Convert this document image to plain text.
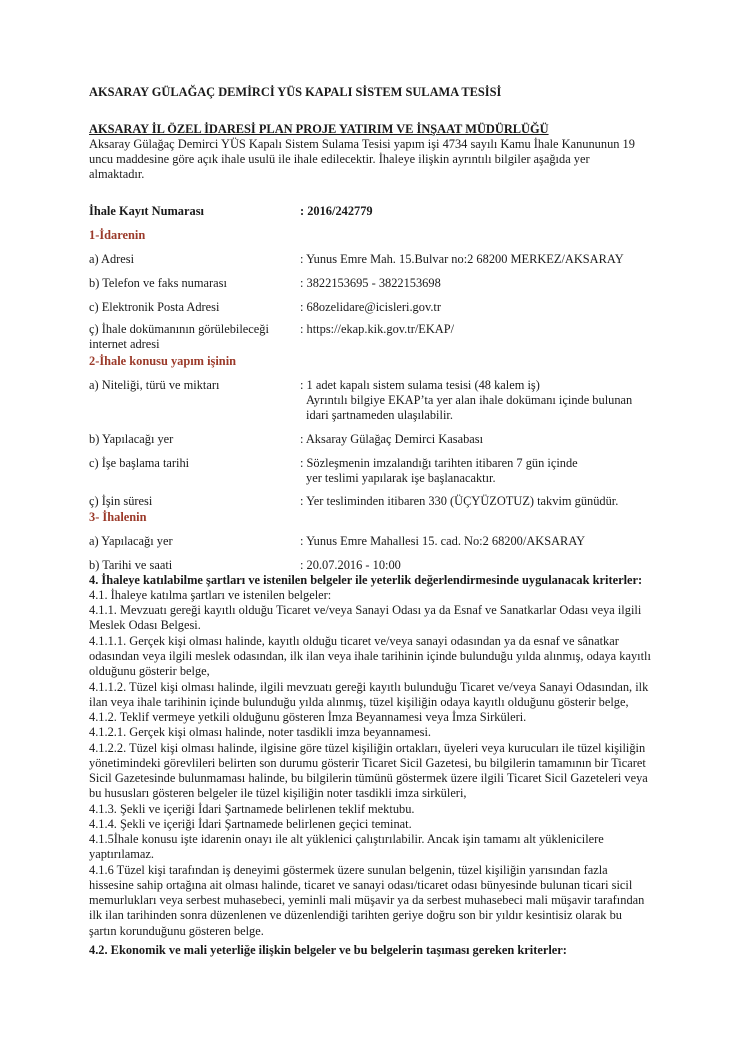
AKSARAY GÜLAĞAÇ DEMİRCİ YÜS KAPALI SİSTEM SULAMA TESİSİ
AKSARAY İL ÖZEL İDARESİ PLAN PROJE YATIRIM VE İNŞAAT MÜDÜRLÜĞÜ
Aksaray Gülağaç Demirci YÜS Kapalı Sistem Sulama Tesisi yapım işi 4734 sayılı Kamu İhale Kanununun 19
uncu maddesine göre açık ihale usulü ile ihale edilecektir. İhaleye ilişkin ayrıntılı bilgiler aşağıda yer
almaktadır.
İhale Kayıt Numarası	: 2016/242779
1-İdarenin
a) Adresi	: Yunus Emre Mah. 15.Bulvar no:2 68200 MERKEZ/AKSARAY
b) Telefon ve faks numarası	: 3822153695 - 3822153698
c) Elektronik Posta Adresi	: 68ozelidare@icisleri.gov.tr
ç) İhale dokümanının görülebileceği
internet adresi
: https://ekap.kik.gov.tr/EKAP/
2-İhale konusu yapım işinin
a) Niteliği, türü ve miktarı	: 1 adet kapalı sistem sulama tesisi (48 kalem iş)
Ayrıntılı bilgiye EKAP’ta yer alan ihale dokümanı içinde bulunan
idari şartnameden ulaşılabilir.
b) Yapılacağı yer	: Aksaray Gülağaç Demirci Kasabası
c) İşe başlama tarihi	: Sözleşmenin imzalandığı tarihten itibaren 7 gün içinde
yer teslimi yapılarak işe başlanacaktır.
ç) İşin süresi	: Yer tesliminden itibaren 330 (ÜÇYÜZOTUZ) takvim günüdür.
3- İhalenin
a) Yapılacağı yer	: Yunus Emre Mahallesi 15. cad. No:2 68200/AKSARAY
b) Tarihi ve saati	: 20.07.2016 - 10:00
4. İhaleye katılabilme şartları ve istenilen belgeler ile yeterlik değerlendirmesinde uygulanacak kriterler:
4.1. İhaleye katılma şartları ve istenilen belgeler:
4.1.1. Mevzuatı gereği kayıtlı olduğu Ticaret ve/veya Sanayi Odası ya da Esnaf ve Sanatkarlar Odası veya ilgili
Meslek Odası Belgesi.
4.1.1.1. Gerçek kişi olması halinde, kayıtlı olduğu ticaret ve/veya sanayi odasından ya da esnaf ve sânatkar
odasından veya ilgili meslek odasından, ilk ilan veya ihale tarihinin içinde bulunduğu yılda alınmış, odaya kayıtlı
olduğunu gösterir belge,
4.1.1.2. Tüzel kişi olması halinde, ilgili mevzuatı gereği kayıtlı bulunduğu Ticaret ve/veya Sanayi Odasından, ilk
ilan veya ihale tarihinin içinde bulunduğu yılda alınmış, tüzel kişiliğin odaya kayıtlı olduğunu gösterir belge,
4.1.2. Teklif vermeye yetkili olduğunu gösteren İmza Beyannamesi veya İmza Sirküleri.
4.1.2.1. Gerçek kişi olması halinde, noter tasdikli imza beyannamesi.
4.1.2.2. Tüzel kişi olması halinde, ilgisine göre tüzel kişiliğin ortakları, üyeleri veya kurucuları ile tüzel kişiliğin
yönetimindeki görevlileri belirten son durumu gösterir Ticaret Sicil Gazetesi, bu bilgilerin tamamının bir Ticaret
Sicil Gazetesinde bulunmaması halinde, bu bilgilerin tümünü göstermek üzere ilgili Ticaret Sicil Gazeteleri veya
bu hususları gösteren belgeler ile tüzel kişiliğin noter tasdikli imza sirküleri,
4.1.3. Şekli ve içeriği İdari Şartnamede belirlenen teklif mektubu.
4.1.4. Şekli ve içeriği İdari Şartnamede belirlenen geçici teminat.
4.1.5İhale konusu işte idarenin onayı ile alt yüklenici çalıştırılabilir. Ancak işin tamamı alt yüklenicilere
yaptırılamaz.
4.1.6 Tüzel kişi tarafından iş deneyimi göstermek üzere sunulan belgenin, tüzel kişiliğin yarısından fazla
hissesine sahip ortağına ait olması halinde, ticaret ve sanayi odası/ticaret odası bünyesinde bulunan ticari sicil
memurlukları veya serbest muhasebeci, yeminli mali müşavir ya da serbest muhasebeci mali müşavir tarafından
ilk ilan tarihinden sonra düzenlenen ve düzenlendiği tarihten geriye doğru son bir yıldır kesintisiz olarak bu
şartın korunduğunu gösteren belge.
4.2. Ekonomik ve mali yeterliğe ilişkin belgeler ve bu belgelerin taşıması gereken kriterler:
